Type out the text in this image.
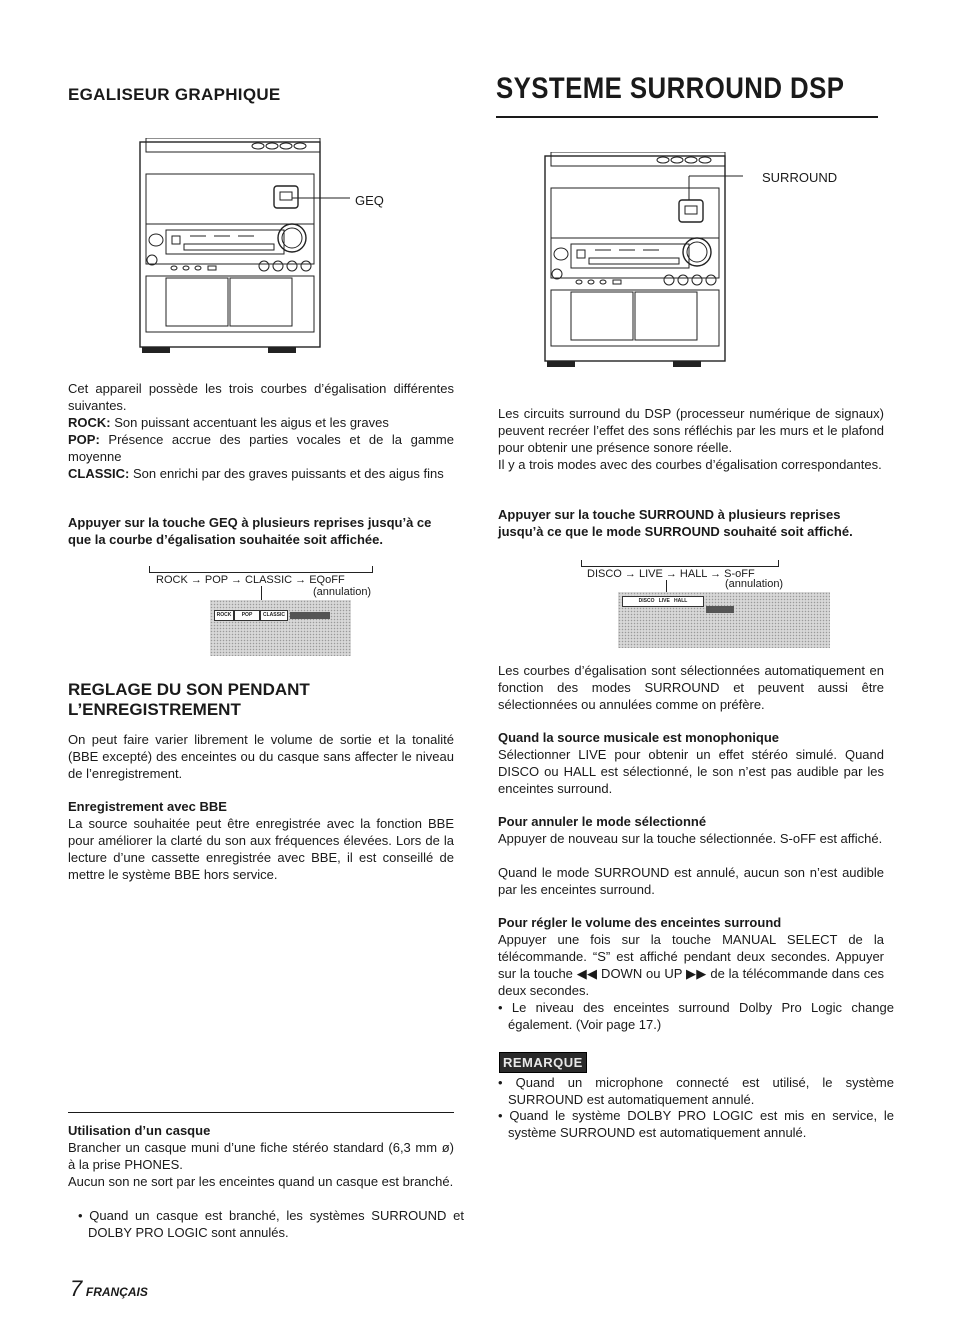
EGALISEUR GRAPHIQUE
GEQ
Cet appareil possède les trois courbes d’égalisation différentes suivantes.

ROCK: Son puissant accentuant les aigus et les graves

POP: Présence accrue des parties vocales et de la gamme moyenne

CLASSIC: Son enrichi par des graves puissants et des aigus fins

Appuyer sur la touche GEQ à plusieurs reprises jusqu’à ce que la courbe d’égalisation souhaitée soit affichée.
ROCK → POP → CLASSIC → EQoFF
(annulation)
ROCK	POP	CLASSIC
REGLAGE DU SON PENDANT
L’ENREGISTREMENT
On peut faire varier librement le volume de sortie et la tonalité (BBE excepté) des enceintes ou du casque sans affecter le niveau de l’enregistrement.
Enregistrement avec BBE
La source souhaitée peut être enregistrée avec la fonction BBE pour améliorer la clarté du son aux fréquences élevées. Lors de la lecture d’une cassette enregistrée avec BBE, il est conseillé de mettre le système BBE hors service.
Utilisation d’un casque
Brancher un casque muni d’une fiche stéréo standard (6,3 mm ø) à la prise PHONES.
Aucun son ne sort par les enceintes quand un casque est branché.
• Quand un casque est branché, les systèmes SURROUND et DOLBY PRO LOGIC sont annulés.
SYSTEME SURROUND DSP
SURROUND
Les circuits surround du DSP (processeur numérique de signaux) peuvent recréer l’effet des sons réfléchis par les murs et le plafond pour obtenir une présence sonore réelle.
Il y a trois modes avec des courbes d’égalisation correspondantes.
Appuyer sur la touche SURROUND à plusieurs reprises jusqu’à ce que le mode SURROUND souhaité soit affiché.
DISCO → LIVE → HALL → S-oFF
(annulation)
DISCO LIVE HALL
Les courbes d’égalisation sont sélectionnées automatiquement en fonction des modes SURROUND et peuvent aussi être sélectionnées ou annulées comme on préfère.
Quand la source musicale est monophonique
Sélectionner LIVE pour obtenir un effet stéréo simulé. Quand DISCO ou HALL est sélectionné, le son n’est pas audible par les enceintes surround.
Pour annuler le mode sélectionné
Appuyer de nouveau sur la touche sélectionnée. S-oFF est affiché.
Quand le mode SURROUND est annulé, aucun son n’est audible par les enceintes surround.
Pour régler le volume des enceintes surround
Appuyer une fois sur la touche MANUAL SELECT de la télécommande. “S” est affiché pendant deux secondes. Appuyer sur la touche ◀◀ DOWN ou UP ▶▶ de la télécommande dans ces deux secondes.
• Le niveau des enceintes surround Dolby Pro Logic change également. (Voir page 17.)
REMARQUE
• Quand un microphone connecté est utilisé, le système SURROUND est automatiquement annulé.
• Quand le système DOLBY PRO LOGIC est mis en service, le système SURROUND est automatiquement annulé.
7 FRANÇAIS
